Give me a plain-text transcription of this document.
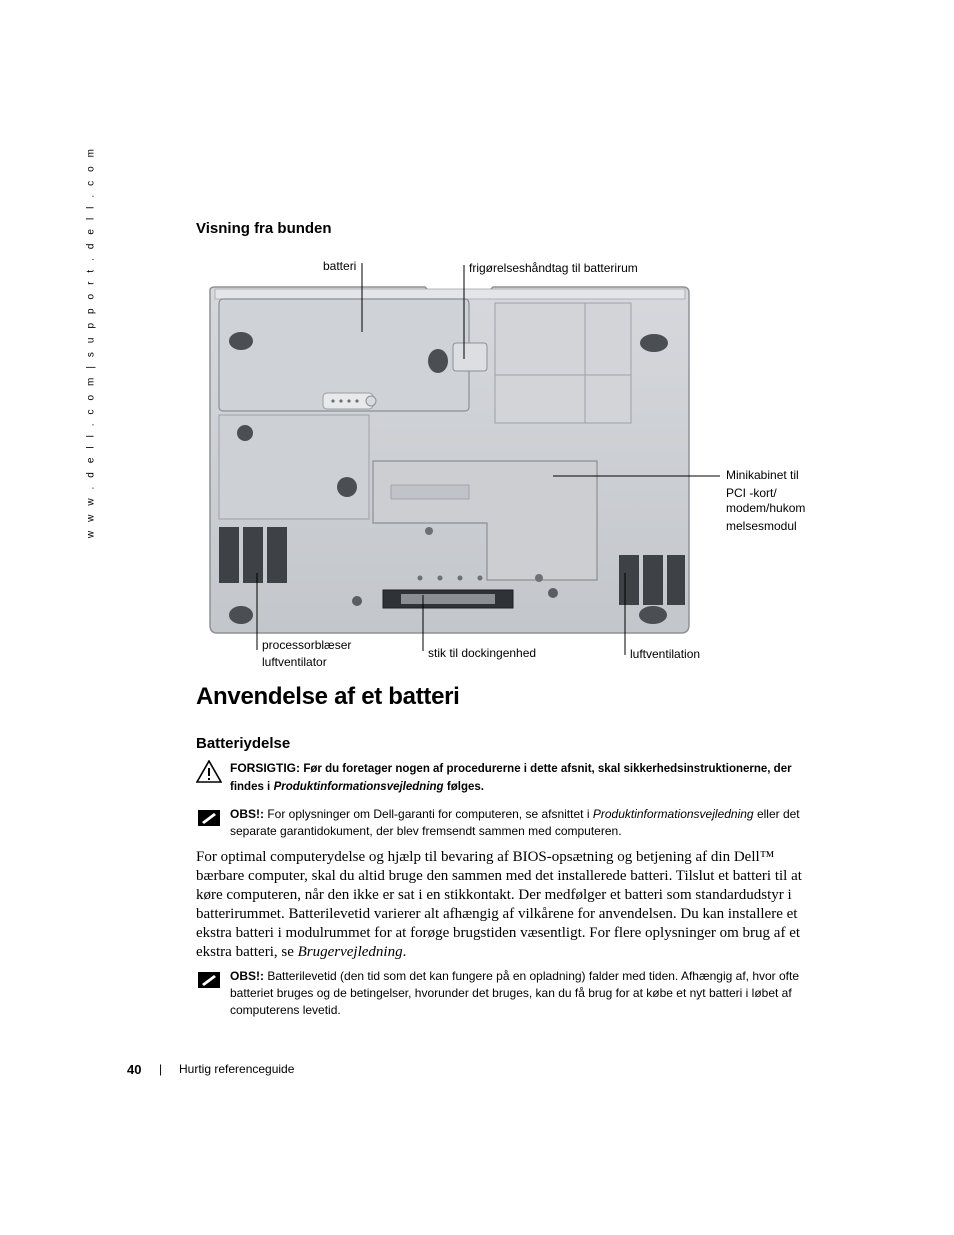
w w w . d e l l . c o m | s u p p o r t . d e l l . c o m	Visning fra bunden
batteri	frigørelseshåndtag til batterirum
Minikabinet til
PCI -kort/
modem/hukom
melsesmodul
processorblæser
luftventilator
stik til dockingenhed	luftventilation
Anvendelse af et batteri
Batteriydelse
FORSIGTIG: Før du foretager nogen af procedurerne i dette afsnit, skal sikkerhedsinstruktionerne, der findes i Produktinformationsvejledning følges.
OBS!: For oplysninger om Dell-garanti for computeren, se afsnittet i Produktinformationsvejledning eller det separate garantidokument, der blev fremsendt sammen med computeren.
For optimal computerydelse og hjælp til bevaring af BIOS-opsætning og betjening af din Dell™ bærbare computer, skal du altid bruge den sammen med det installerede batteri. Tilslut et batteri til at køre computeren, når den ikke er sat i en stikkontakt. Der medfølger et batteri som standardudstyr i batterirummet. Batterilevetid varierer alt afhængig af vilkårene for anvendelsen. Du kan installere et ekstra batteri i modulrummet for at forøge brugstiden væsentligt. For flere oplysninger om brug af et ekstra batteri, se Brugervejledning.
OBS!: Batterilevetid (den tid som det kan fungere på en opladning) falder med tiden. Afhængig af, hvor ofte batteriet bruges og de betingelser, hvorunder det bruges, kan du få brug for at købe et nyt batteri i løbet af computerens levetid.
40 | Hurtig referenceguide
